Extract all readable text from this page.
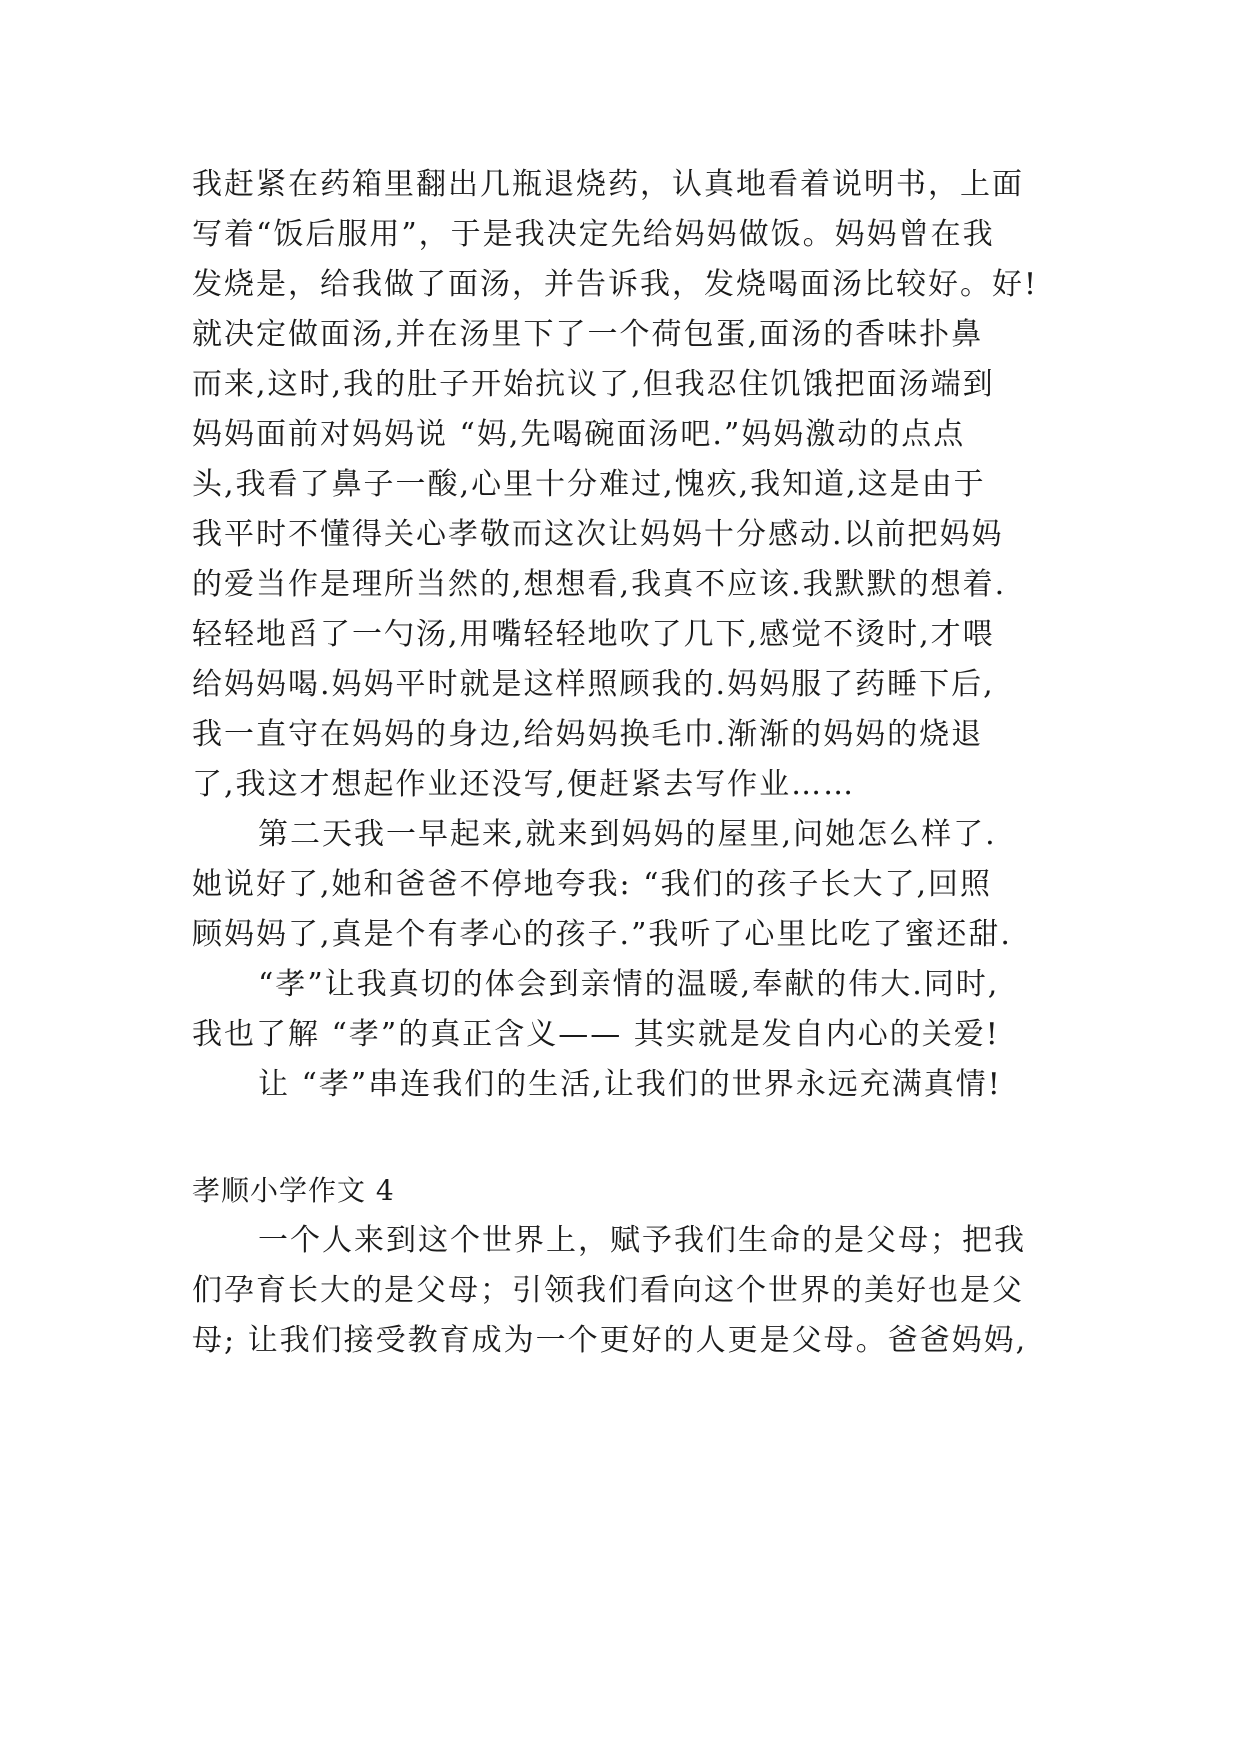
我赶紧在药箱里翻出几瓶退烧药，认真地看着说明书，上面
写着“饭后服用”，于是我决定先给妈妈做饭。妈妈曾在我
发烧是，给我做了面汤，并告诉我，发烧喝面汤比较好。好!
就决定做面汤,并在汤里下了一个荷包蛋,面汤的香味扑鼻
而来,这时,我的肚子开始抗议了,但我忍住饥饿把面汤端到
妈妈面前对妈妈说 “妈,先喝碗面汤吧.”妈妈激动的点点
头,我看了鼻子一酸,心里十分难过,愧疚,我知道,这是由于
我平时不懂得关心孝敬而这次让妈妈十分感动.以前把妈妈
的爱当作是理所当然的,想想看,我真不应该.我默默的想着.
轻轻地舀了一勺汤,用嘴轻轻地吹了几下,感觉不烫时,才喂
给妈妈喝.妈妈平时就是这样照顾我的.妈妈服了药睡下后,
我一直守在妈妈的身边,给妈妈换毛巾.渐渐的妈妈的烧退
了,我这才想起作业还没写,便赶紧去写作业……
第二天我一早起来,就来到妈妈的屋里,问她怎么样了.
她说好了,她和爸爸不停地夸我: “我们的孩子长大了,回照
顾妈妈了,真是个有孝心的孩子.”我听了心里比吃了蜜还甜.
“孝”让我真切的体会到亲情的温暖,奉献的伟大.同时,
我也了解 “孝”的真正含义—— 其实就是发自内心的关爱!
让 “孝”串连我们的生活,让我们的世界永远充满真情!
孝顺小学作文 4
一个人来到这个世界上，赋予我们生命的是父母；把我
们孕育长大的是父母；引领我们看向这个世界的美好也是父
母; 让我们接受教育成为一个更好的人更是父母。爸爸妈妈,
